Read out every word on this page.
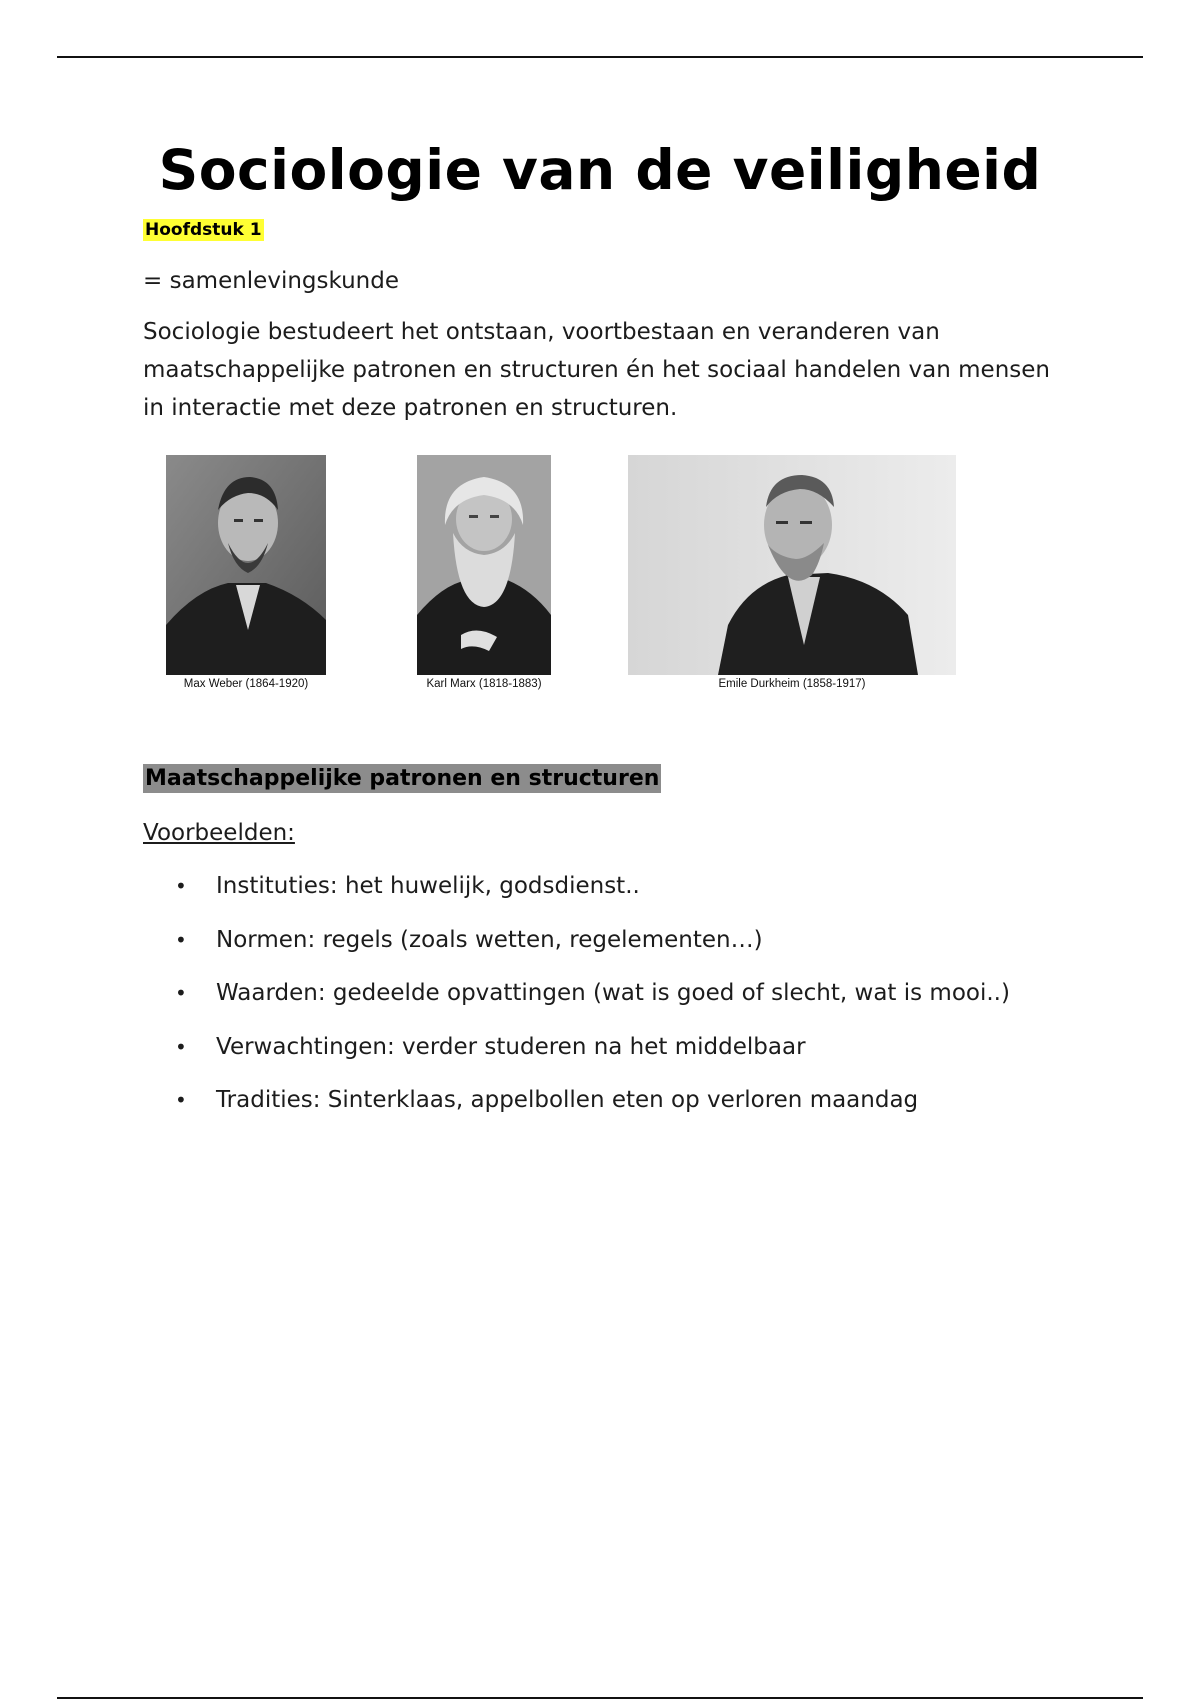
Sociologie van de veiligheid
Hoofdstuk 1
= samenlevingskunde
Sociologie bestudeert het ontstaan, voortbestaan en veranderen van maatschappelijke patronen en structuren én het sociaal handelen van mensen in interactie met deze patronen en structuren.
Max Weber (1864-1920)	Karl Marx (1818-1883)	Emile Durkheim (1858-1917)
Maatschappelijke patronen en structuren
Voorbeelden:
• Instituties: het huwelijk, godsdienst..
• Normen: regels (zoals wetten, regelementen…)
• Waarden: gedeelde opvattingen (wat is goed of slecht, wat is mooi..)
• Verwachtingen: verder studeren na het middelbaar
• Tradities: Sinterklaas, appelbollen eten op verloren maandag
